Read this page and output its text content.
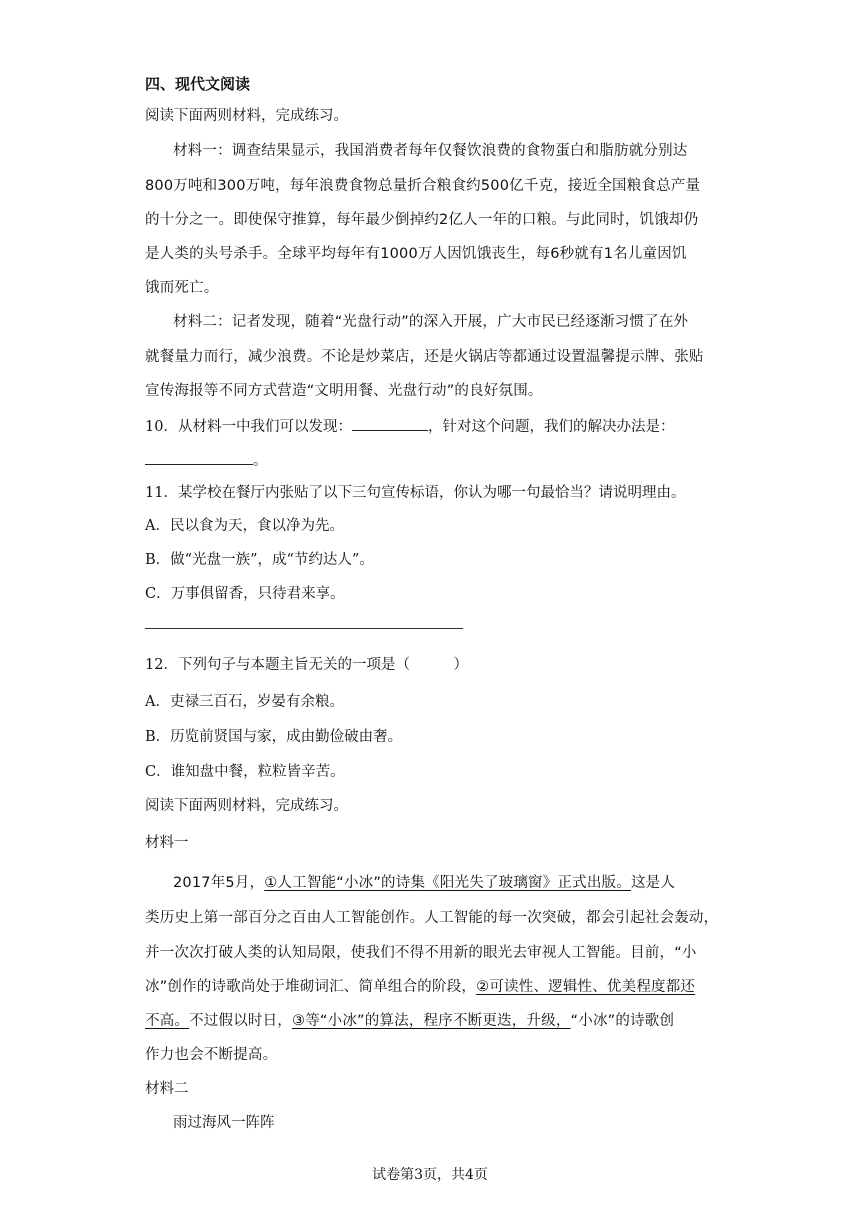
四、现代文阅读
阅读下面两则材料，完成练习。
材料一：调查结果显示，我国消费者每年仅餐饮浪费的食物蛋白和脂肪就分别达
800万吨和300万吨，每年浪费食物总量折合粮食约500亿千克，接近全国粮食总产量
的十分之一。即使保守推算，每年最少倒掉约2亿人一年的口粮。与此同时，饥饿却仍
是人类的头号杀手。全球平均每年有1000万人因饥饿丧生，每6秒就有1名儿童因饥
饿而死亡。
材料二：记者发现，随着“光盘行动”的深入开展，广大市民已经逐渐习惯了在外
就餐量力而行，减少浪费。不论是炒菜店，还是火锅店等都通过设置温馨提示牌、张贴
宣传海报等不同方式营造“文明用餐、光盘行动”的良好氛围。
10．从材料一中我们可以发现：	，针对这个问题，我们的解决办法是：
。
11．某学校在餐厅内张贴了以下三句宣传标语，你认为哪一句最恰当？请说明理由。
A．民以食为天，食以净为先。
B．做“光盘一族”，成“节约达人”。
C．万事俱留香，只待君来享。
12．下列句子与本题主旨无关的一项是（　　　）
A．吏禄三百石，岁晏有余粮。
B．历览前贤国与家，成由勤俭破由奢。
C．谁知盘中餐，粒粒皆辛苦。
阅读下面两则材料，完成练习。
材料一
2017年5月，①人工智能“小冰”的诗集《阳光失了玻璃窗》正式出版。这是人
类历史上第一部百分之百由人工智能创作。人工智能的每一次突破，都会引起社会轰动，
并一次次打破人类的认知局限，使我们不得不用新的眼光去审视人工智能。目前，“小
冰”创作的诗歌尚处于堆砌词汇、简单组合的阶段，②可读性、逻辑性、优美程度都还
不高。不过假以时日，③等“小冰”的算法，程序不断更迭，升级，“小冰”的诗歌创
作力也会不断提高。
材料二
雨过海风一阵阵
试卷第3页，共4页
